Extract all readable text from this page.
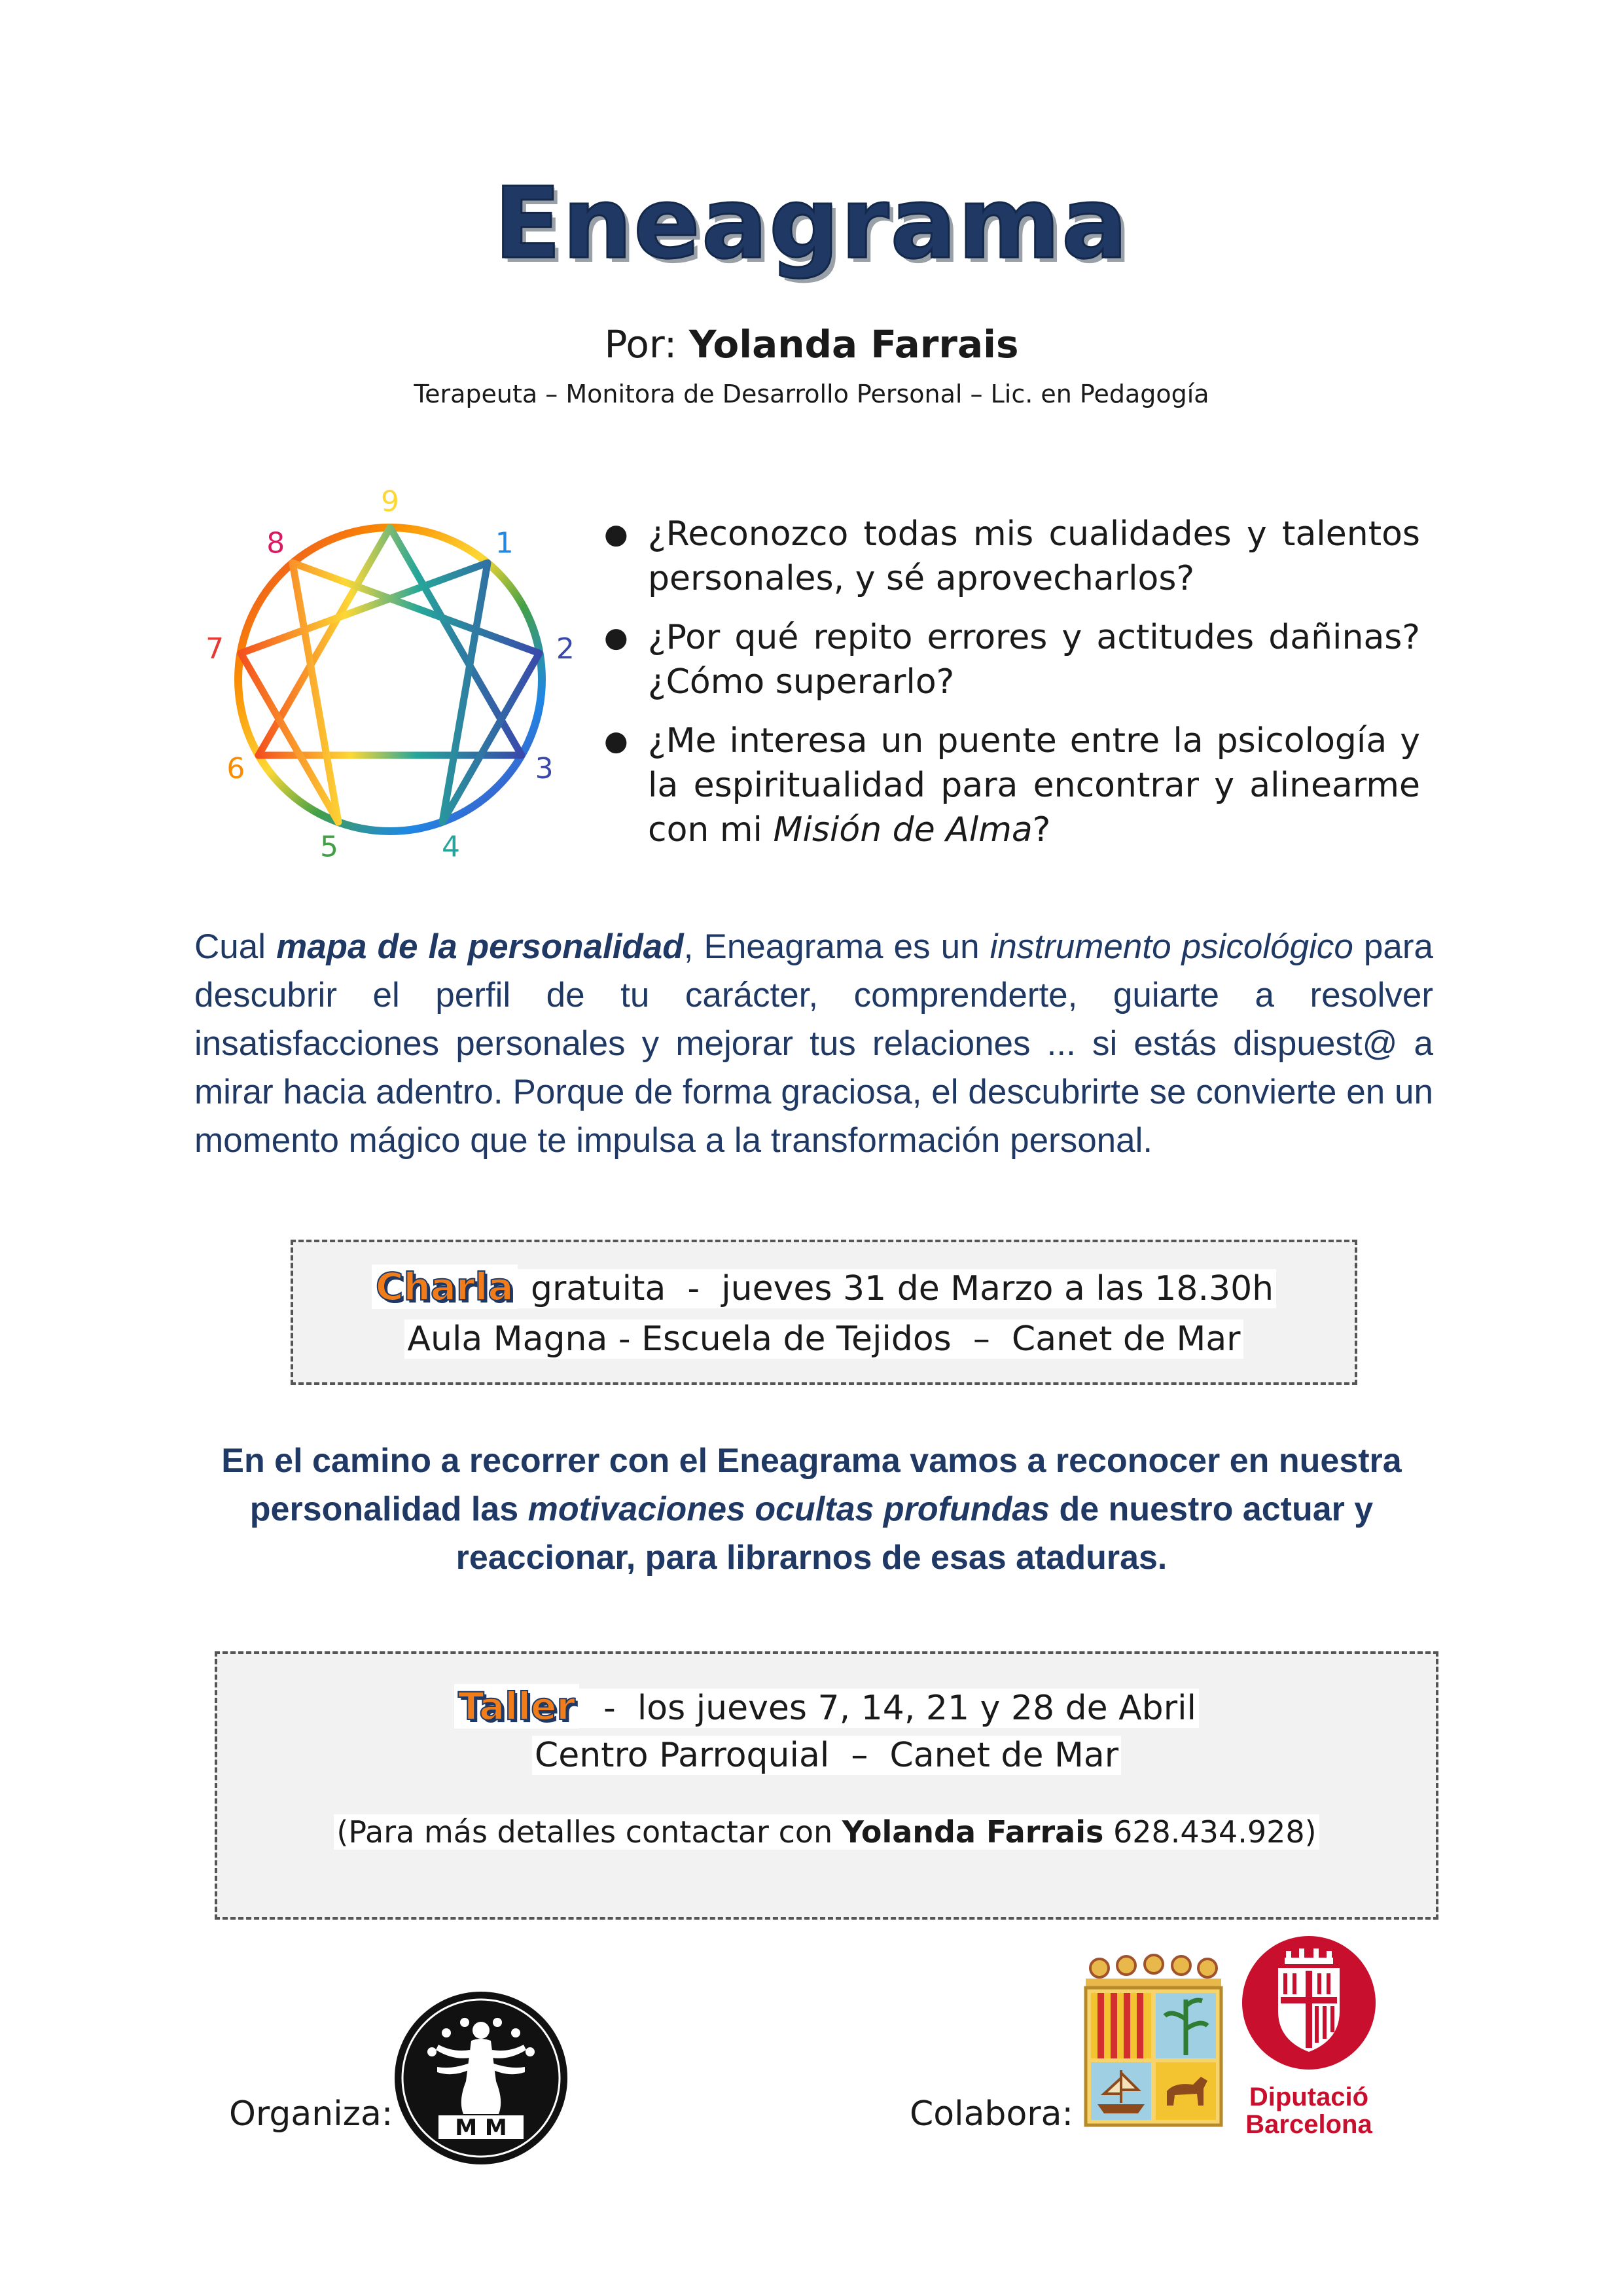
Eneagrama
Por: Yolanda Farrais
Terapeuta – Monitora de Desarrollo Personal – Lic. en Pedagogía
1
2
3
4
5
6
7
8
9
● ¿Reconozco todas mis cualidades y talentos personales, y sé aprovecharlos?
● ¿Por qué repito errores y actitudes dañinas? ¿Cómo superarlo?
● ¿Me interesa un puente entre la psicología y la espiritualidad para encontrar y alinearme con mi Misión de Alma?
Cual mapa de la personalidad, Eneagrama es un instrumento psicológico para descubrir el perfil de tu carácter, comprenderte, guiarte a resolver insatisfacciones personales y mejorar tus relaciones ... si estás dispuest@ a mirar hacia adentro. Porque de forma graciosa, el descubrirte se convierte en un momento mágico que te impulsa a la transformación personal.
Charla gratuita  -  jueves 31 de Marzo a las 18.30h
Aula Magna - Escuela de Tejidos  –  Canet de Mar
En el camino a recorrer con el Eneagrama vamos a reconocer en nuestra personalidad las motivaciones ocultas profundas de nuestro actuar y reaccionar, para librarnos de esas ataduras.
Taller  -  los jueves 7, 14, 21 y 28 de Abril
Centro Parroquial  –  Canet de Mar
(Para más detalles contactar con Yolanda Farrais 628.434.928)
Organiza:	M M	Colabora:	Diputació
Barcelona
